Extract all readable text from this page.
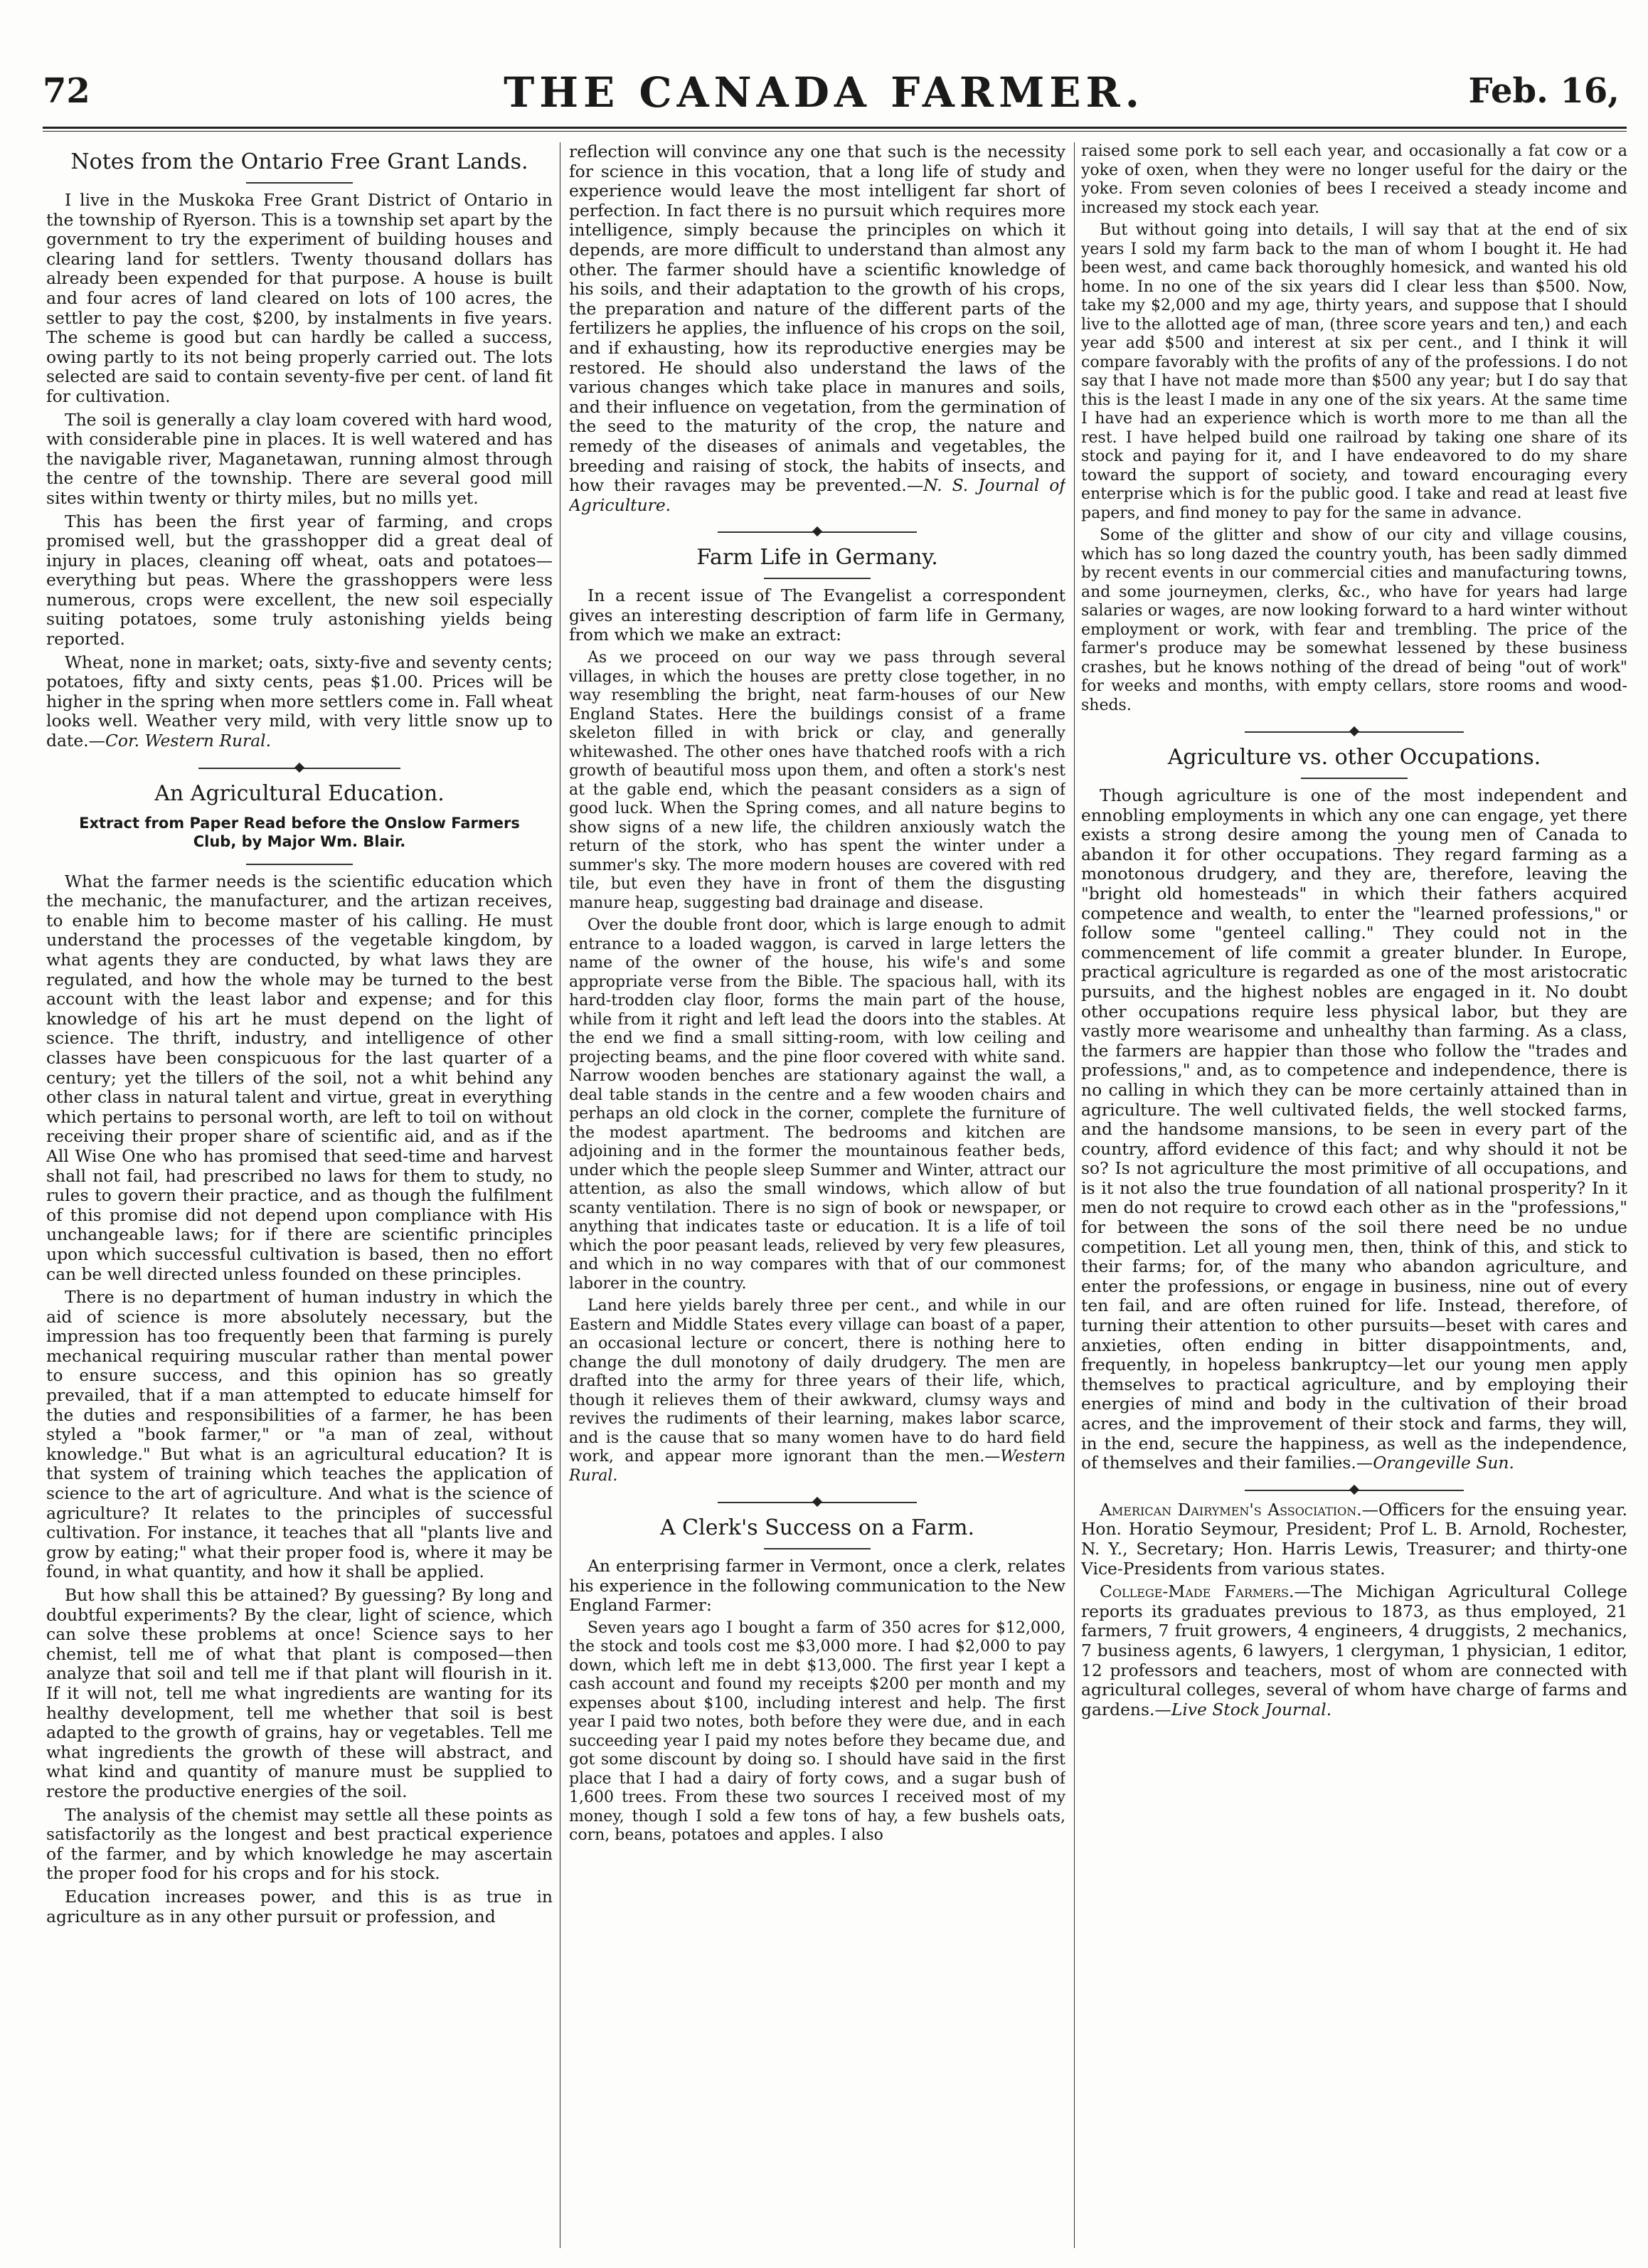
72	THE CANADA FARMER.	Feb. 16,
Notes from the Ontario Free Grant Lands.

I live in the Muskoka Free Grant District of Ontario in the township of Ryerson. This is a township set apart by the government to try the experiment of building houses and clearing land for settlers. Twenty thousand dollars has already been expended for that purpose. A house is built and four acres of land cleared on lots of 100 acres, the settler to pay the cost, $200, by instalments in five years. The scheme is good but can hardly be called a success, owing partly to its not being properly carried out. The lots selected are said to contain seventy-five per cent. of land fit for cultivation.

The soil is generally a clay loam covered with hard wood, with considerable pine in places. It is well watered and has the navigable river, Maganetawan, running almost through the centre of the township. There are several good mill sites within twenty or thirty miles, but no mills yet.

This has been the first year of farming, and crops promised well, but the grasshopper did a great deal of injury in places, cleaning off wheat, oats and potatoes—everything but peas. Where the grasshoppers were less numerous, crops were excellent, the new soil especially suiting potatoes, some truly astonishing yields being reported.

Wheat, none in market; oats, sixty-five and seventy cents; potatoes, fifty and sixty cents, peas $1.00. Prices will be higher in the spring when more settlers come in. Fall wheat looks well. Weather very mild, with very little snow up to date.—Cor. Western Rural.

An Agricultural Education.
Extract from Paper Read before the Onslow Farmers Club, by Major Wm. Blair.

What the farmer needs is the scientific education which the mechanic, the manufacturer, and the artizan receives, to enable him to become master of his calling. He must understand the processes of the vegetable kingdom, by what agents they are conducted, by what laws they are regulated, and how the whole may be turned to the best account with the least labor and expense; and for this knowledge of his art he must depend on the light of science. The thrift, industry, and intelligence of other classes have been conspicuous for the last quarter of a century; yet the tillers of the soil, not a whit behind any other class in natural talent and virtue, great in everything which pertains to personal worth, are left to toil on without receiving their proper share of scientific aid, and as if the All Wise One who has promised that seed-time and harvest shall not fail, had prescribed no laws for them to study, no rules to govern their practice, and as though the fulfilment of this promise did not depend upon compliance with His unchangeable laws; for if there are scientific principles upon which successful cultivation is based, then no effort can be well directed unless founded on these principles.

There is no department of human industry in which the aid of science is more absolutely necessary, but the impression has too frequently been that farming is purely mechanical requiring muscular rather than mental power to ensure success, and this opinion has so greatly prevailed, that if a man attempted to educate himself for the duties and responsibilities of a farmer, he has been styled a "book farmer," or "a man of zeal, without knowledge." But what is an agricultural education? It is that system of training which teaches the application of science to the art of agriculture. And what is the science of agriculture? It relates to the principles of successful cultivation. For instance, it teaches that all "plants live and grow by eating;" what their proper food is, where it may be found, in what quantity, and how it shall be applied.

But how shall this be attained? By guessing? By long and doubtful experiments? By the clear, light of science, which can solve these problems at once! Science says to her chemist, tell me of what that plant is composed—then analyze that soil and tell me if that plant will flourish in it. If it will not, tell me what ingredients are wanting for its healthy development, tell me whether that soil is best adapted to the growth of grains, hay or vegetables. Tell me what ingredients the growth of these will abstract, and what kind and quantity of manure must be supplied to restore the productive energies of the soil.

The analysis of the chemist may settle all these points as satisfactorily as the longest and best practical experience of the farmer, and by which knowledge he may ascertain the proper food for his crops and for his stock.

Education increases power, and this is as true in agriculture as in any other pursuit or profession, and

reflection will convince any one that such is the necessity for science in this vocation, that a long life of study and experience would leave the most intelligent far short of perfection. In fact there is no pursuit which requires more intelligence, simply because the principles on which it depends, are more difficult to understand than almost any other. The farmer should have a scientific knowledge of his soils, and their adaptation to the growth of his crops, the preparation and nature of the different parts of the fertilizers he applies, the influence of his crops on the soil, and if exhausting, how its reproductive energies may be restored. He should also understand the laws of the various changes which take place in manures and soils, and their influence on vegetation, from the germination of the seed to the maturity of the crop, the nature and remedy of the diseases of animals and vegetables, the breeding and raising of stock, the habits of insects, and how their ravages may be prevented.—N. S. Journal of Agriculture.

Farm Life in Germany.

In a recent issue of The Evangelist a correspondent gives an interesting description of farm life in Germany, from which we make an extract:

As we proceed on our way we pass through several villages, in which the houses are pretty close together, in no way resembling the bright, neat farm-houses of our New England States. Here the buildings consist of a frame skeleton filled in with brick or clay, and generally whitewashed. The other ones have thatched roofs with a rich growth of beautiful moss upon them, and often a stork's nest at the gable end, which the peasant considers as a sign of good luck. When the Spring comes, and all nature begins to show signs of a new life, the children anxiously watch the return of the stork, who has spent the winter under a summer's sky. The more modern houses are covered with red tile, but even they have in front of them the disgusting manure heap, suggesting bad drainage and disease.

Over the double front door, which is large enough to admit entrance to a loaded waggon, is carved in large letters the name of the owner of the house, his wife's and some appropriate verse from the Bible. The spacious hall, with its hard-trodden clay floor, forms the main part of the house, while from it right and left lead the doors into the stables. At the end we find a small sitting-room, with low ceiling and projecting beams, and the pine floor covered with white sand. Narrow wooden benches are stationary against the wall, a deal table stands in the centre and a few wooden chairs and perhaps an old clock in the corner, complete the furniture of the modest apartment. The bedrooms and kitchen are adjoining and in the former the mountainous feather beds, under which the people sleep Summer and Winter, attract our attention, as also the small windows, which allow of but scanty ventilation. There is no sign of book or newspaper, or anything that indicates taste or education. It is a life of toil which the poor peasant leads, relieved by very few pleasures, and which in no way compares with that of our commonest laborer in the country.

Land here yields barely three per cent., and while in our Eastern and Middle States every village can boast of a paper, an occasional lecture or concert, there is nothing here to change the dull monotony of daily drudgery. The men are drafted into the army for three years of their life, which, though it relieves them of their awkward, clumsy ways and revives the rudiments of their learning, makes labor scarce, and is the cause that so many women have to do hard field work, and appear more ignorant than the men.—Western Rural.

A Clerk's Success on a Farm.

An enterprising farmer in Vermont, once a clerk, relates his experience in the following communication to the New England Farmer:

Seven years ago I bought a farm of 350 acres for $12,000, the stock and tools cost me $3,000 more. I had $2,000 to pay down, which left me in debt $13,000. The first year I kept a cash account and found my receipts $200 per month and my expenses about $100, including interest and help. The first year I paid two notes, both before they were due, and in each succeeding year I paid my notes before they became due, and got some discount by doing so. I should have said in the first place that I had a dairy of forty cows, and a sugar bush of 1,600 trees. From these two sources I received most of my money, though I sold a few tons of hay, a few bushels oats, corn, beans, potatoes and apples. I also

raised some pork to sell each year, and occasionally a fat cow or a yoke of oxen, when they were no longer useful for the dairy or the yoke. From seven colonies of bees I received a steady income and increased my stock each year.

But without going into details, I will say that at the end of six years I sold my farm back to the man of whom I bought it. He had been west, and came back thoroughly homesick, and wanted his old home. In no one of the six years did I clear less than $500. Now, take my $2,000 and my age, thirty years, and suppose that I should live to the allotted age of man, (three score years and ten,) and each year add $500 and interest at six per cent., and I think it will compare favorably with the profits of any of the professions. I do not say that I have not made more than $500 any year; but I do say that this is the least I made in any one of the six years. At the same time I have had an experience which is worth more to me than all the rest. I have helped build one railroad by taking one share of its stock and paying for it, and I have endeavored to do my share toward the support of society, and toward encouraging every enterprise which is for the public good. I take and read at least five papers, and find money to pay for the same in advance.

Some of the glitter and show of our city and village cousins, which has so long dazed the country youth, has been sadly dimmed by recent events in our commercial cities and manufacturing towns, and some journeymen, clerks, &c., who have for years had large salaries or wages, are now looking forward to a hard winter without employment or work, with fear and trembling. The price of the farmer's produce may be somewhat lessened by these business crashes, but he knows nothing of the dread of being "out of work" for weeks and months, with empty cellars, store rooms and wood-sheds.

Agriculture vs. other Occupations.

Though agriculture is one of the most independent and ennobling employments in which any one can engage, yet there exists a strong desire among the young men of Canada to abandon it for other occupations. They regard farming as a monotonous drudgery, and they are, therefore, leaving the "bright old homesteads" in which their fathers acquired competence and wealth, to enter the "learned professions," or follow some "genteel calling." They could not in the commencement of life commit a greater blunder. In Europe, practical agriculture is regarded as one of the most aristocratic pursuits, and the highest nobles are engaged in it. No doubt other occupations require less physical labor, but they are vastly more wearisome and unhealthy than farming. As a class, the farmers are happier than those who follow the "trades and professions," and, as to competence and independence, there is no calling in which they can be more certainly attained than in agriculture. The well cultivated fields, the well stocked farms, and the handsome mansions, to be seen in every part of the country, afford evidence of this fact; and why should it not be so? Is not agriculture the most primitive of all occupations, and is it not also the true foundation of all national prosperity? In it men do not require to crowd each other as in the "professions," for between the sons of the soil there need be no undue competition. Let all young men, then, think of this, and stick to their farms; for, of the many who abandon agriculture, and enter the professions, or engage in business, nine out of every ten fail, and are often ruined for life. Instead, therefore, of turning their attention to other pursuits—beset with cares and anxieties, often ending in bitter disappointments, and, frequently, in hopeless bankruptcy—let our young men apply themselves to practical agriculture, and by employing their energies of mind and body in the cultivation of their broad acres, and the improvement of their stock and farms, they will, in the end, secure the happiness, as well as the independence, of themselves and their families.—Orangeville Sun.

American Dairymen's Association.—Officers for the ensuing year. Hon. Horatio Seymour, President; Prof L. B. Arnold, Rochester, N. Y., Secretary; Hon. Harris Lewis, Treasurer; and thirty-one Vice-Presidents from various states.

College-Made Farmers.—The Michigan Agricultural College reports its graduates previous to 1873, as thus employed, 21 farmers, 7 fruit growers, 4 engineers, 4 druggists, 2 mechanics, 7 business agents, 6 lawyers, 1 clergyman, 1 physician, 1 editor, 12 professors and teachers, most of whom are connected with agricultural colleges, several of whom have charge of farms and gardens.—Live Stock Journal.
